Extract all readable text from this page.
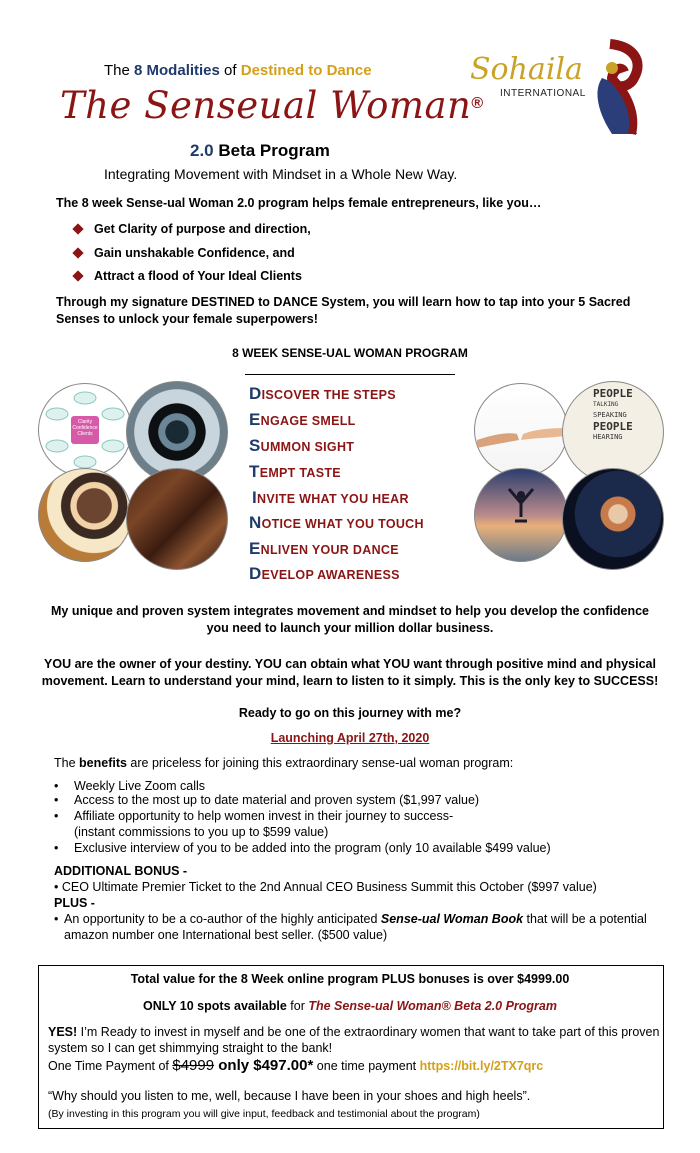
The 8 Modalities of Destined to Dance
The Senseual Woman®
2.0 Beta Program
Integrating Movement with Mindset in a Whole New Way.
Sohaila
INTERNATIONAL
The 8 week Sense-ual Woman 2.0 program helps female entrepreneurs, like you…
Get Clarity of purpose and direction,
Gain unshakable Confidence, and
Attract a flood of Your Ideal Clients
Through my signature DESTINED to DANCE System, you will learn how to tap into your 5 Sacred Senses to unlock your female superpowers!
8 WEEK SENSE-UAL WOMAN PROGRAM
Clarity
Confidence
Clients
DISCOVER THE STEPS
ENGAGE SMELL
SUMMON SIGHT
TEMPT TASTE
INVITE WHAT YOU HEAR
NOTICE WHAT YOU TOUCH
ENLIVEN YOUR DANCE
DEVELOP AWARENESS
PEOPLE
TALKING
SPEAKING
PEOPLE
HEARING
My unique and proven system integrates movement and mindset to help you develop the confidence you need to launch your million dollar business.
YOU are the owner of your destiny. YOU can obtain what YOU want through positive mind and physical movement. Learn to understand your mind, learn to listen to it simply. This is the only key to SUCCESS!
Ready to go on this journey with me?
Launching April 27th, 2020
The benefits are priceless for joining this extraordinary sense-ual woman program:
•	Weekly Live Zoom calls
•	Access to the most up to date material and proven system ($1,997 value)
•	Affiliate opportunity to help women invest in their journey to success-
(instant commissions to you up to $599 value)
•	Exclusive interview of you to be added into the program (only 10 available $499 value)
ADDITIONAL BONUS -
• CEO Ultimate Premier Ticket to the 2nd Annual CEO Business Summit this October ($997 value)
PLUS -
• An opportunity to be a co-author of the highly anticipated Sense-ual Woman Book that will be a potential amazon number one International best seller. ($500 value)
Total value for the 8 Week online program PLUS bonuses is over $4999.00
ONLY 10 spots available for The Sense-ual Woman® Beta 2.0 Program
YES! I’m Ready to invest in myself and be one of the extraordinary women that want to take part of this proven system so I can get shimmying straight to the bank!
One Time Payment of $4999 only $497.00* one time payment https://bit.ly/2TX7qrc
“Why should you listen to me, well, because I have been in your shoes and high heels”.
(By investing in this program you will give input, feedback and testimonial about the program)
